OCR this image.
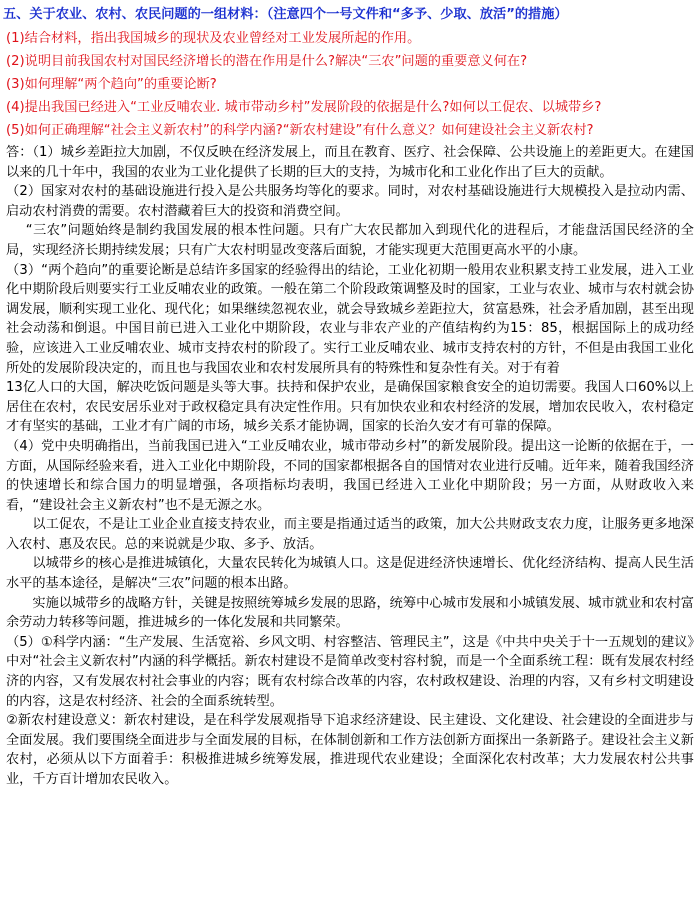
五、关于农业、农村、农民问题的一组材料：（注意四个一号文件和“多予、少取、放活”的措施）
(1)结合材料，指出我国城乡的现状及农业曾经对工业发展所起的作用。
(2)说明目前我国农村对国民经济增长的潜在作用是什么?解决“三农”问题的重要意义何在?
(3)如何理解“两个趋向”的重要论断?
(4)提出我国已经进入“工业反哺农业. 城市带动乡村”发展阶段的依据是什么?如何以工促农、以城带乡?
(5)如何正确理解“社会主义新农村”的科学内涵?“新农村建设”有什么意义？如何建设社会主义新农村?

答：（1）城乡差距拉大加剧，不仅反映在经济发展上，而且在教育、医疗、社会保障、公共设施上的差距更大。在建国以来的几十年中，我国的农业为工业化提供了长期的巨大的支持，为城市化和工业化作出了巨大的贡献。

（2）国家对农村的基础设施进行投入是公共服务均等化的要求。同时，对农村基础设施进行大规模投入是拉动内需、启动农村消费的需要。农村潜藏着巨大的投资和消费空间。

“三农”问题始终是制约我国发展的根本性问题。只有广大农民都加入到现代化的进程后，才能盘活国民经济的全局，实现经济长期持续发展；只有广大农村明显改变落后面貌，才能实现更大范围更高水平的小康。

（3）“两个趋向”的重要论断是总结许多国家的经验得出的结论，工业化初期一般用农业积累支持工业发展，进入工业化中期阶段后则要实行工业反哺农业的政策。一般在第二个阶段政策调整及时的国家，工业与农业、城市与农村就会协调发展，顺利实现工业化、现代化；如果继续忽视农业，就会导致城乡差距拉大，贫富悬殊，社会矛盾加剧，甚至出现社会动荡和倒退。中国目前已进入工业化中期阶段，农业与非农产业的产值结构约为15：85，根据国际上的成功经验，应该进入工业反哺农业、城市支持农村的阶段了。实行工业反哺农业、城市支持农村的方针，不但是由我国工业化所处的发展阶段决定的，而且也与我国农业和农村发展所具有的特殊性和复杂性有关。对于有着

13亿人口的大国，解决吃饭问题是头等大事。扶持和保护农业，是确保国家粮食安全的迫切需要。我国人口60%以上居住在农村，农民安居乐业对于政权稳定具有决定性作用。只有加快农业和农村经济的发展，增加农民收入，农村稳定才有坚实的基础，工业才有广阔的市场，城乡关系才能协调，国家的长治久安才有可靠的保障。

（4）党中央明确指出，当前我国已进入“工业反哺农业，城市带动乡村”的新发展阶段。提出这一论断的依据在于，一方面，从国际经验来看，进入工业化中期阶段，不同的国家都根据各自的国情对农业进行反哺。近年来，随着我国经济的快速增长和综合国力的明显增强，各项指标均表明，我国已经进入工业化中期阶段；另一方面，从财政收入来看，“建设社会主义新农村”也不是无源之水。

以工促农，不是让工业企业直接支持农业，而主要是指通过适当的政策，加大公共财政支农力度，让服务更多地深入农村、惠及农民。总的来说就是少取、多予、放活。

以城带乡的核心是推进城镇化，大量农民转化为城镇人口。这是促进经济快速增长、优化经济结构、提高人民生活水平的基本途径，是解决“三农”问题的根本出路。

实施以城带乡的战略方针，关键是按照统筹城乡发展的思路，统筹中心城市发展和小城镇发展、城市就业和农村富余劳动力转移等问题，推进城乡的一体化发展和共同繁荣。

（5）①科学内涵：“生产发展、生活宽裕、乡风文明、村容整洁、管理民主”，这是《中共中央关于十一五规划的建议》中对“社会主义新农村”内涵的科学概括。新农村建设不是简单改变村容村貌，而是一个全面系统工程：既有发展农村经济的内容，又有发展农村社会事业的内容；既有农村综合改革的内容，农村政权建设、治理的内容，又有乡村文明建设的内容，这是农村经济、社会的全面系统转型。

②新农村建设意义：新农村建设，是在科学发展观指导下追求经济建设、民主建设、文化建设、社会建设的全面进步与全面发展。我们要围绕全面进步与全面发展的目标，在体制创新和工作方法创新方面探出一条新路子。建设社会主义新农村，必须从以下方面着手：积极推进城乡统筹发展，推进现代农业建设；全面深化农村改革；大力发展农村公共事业，千方百计增加农民收入。
